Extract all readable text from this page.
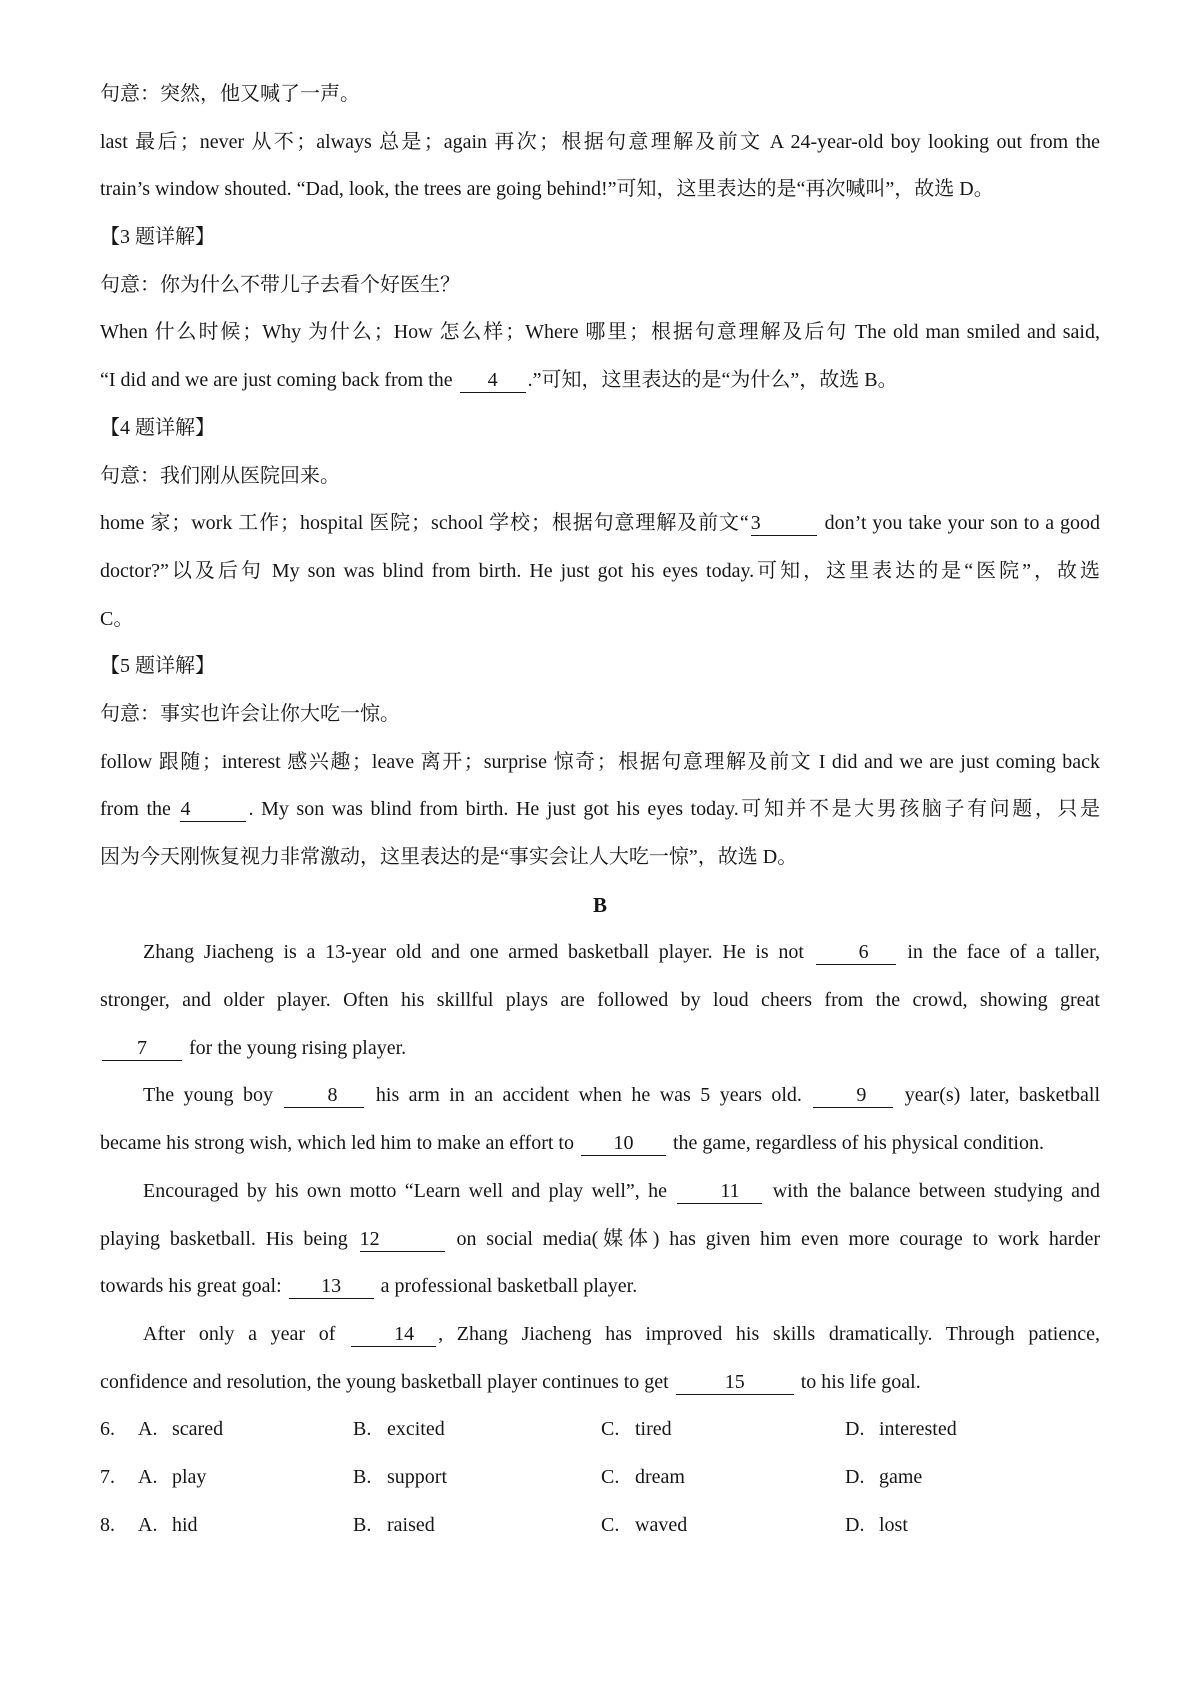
句意：突然，他又喊了一声。
last 最后；never 从不；always 总是；again 再次；根据句意理解及前文 A 24-year-old boy looking out from the
train’s window shouted. “Dad, look, the trees are going behind!”可知，这里表达的是“再次喊叫”，故选 D。
【3 题详解】
句意：你为什么不带儿子去看个好医生？
When 什么时候；Why 为什么；How 怎么样；Where 哪里；根据句意理解及后句 The old man smiled and said,
“I did and we are just coming back from the 4 .”可知，这里表达的是“为什么”，故选 B。
【4 题详解】
句意：我们刚从医院回来。
home 家；work 工作；hospital 医院；school 学校；根据句意理解及前文“ 3	don’t you take your son to a good
doctor?”以及后句 My son was blind from birth. He just got his eyes today.可知，这里表达的是“医院”，故选
C。
【5 题详解】
句意：事实也许会让你大吃一惊。
follow 跟随；interest 感兴趣；leave 离开；surprise 惊奇；根据句意理解及前文 I did and we are just coming back
from the 4	. My son was blind from birth. He just got his eyes today.可知并不是大男孩脑子有问题，只是
因为今天刚恢复视力非常激动，这里表达的是“事实会让人大吃一惊”，故选 D。
B
Zhang Jiacheng is a 13-year old and one armed basketball player. He is not 6 in the face of a taller,
stronger, and older player. Often his skillful plays are followed by loud cheers from the crowd, showing great
7 for the young rising player.
The young boy 8 his arm in an accident when he was 5 years old. 9 year(s) later, basketball
became his strong wish, which led him to make an effort to 10 the game, regardless of his physical condition.
Encouraged by his own motto “Learn well and play well”, he 11 with the balance between studying and
playing basketball. His being 12	on social media(媒体) has given him even more courage to work harder
towards his great goal: 13 a professional basketball player.
After only a year of 14 , Zhang Jiacheng has improved his skills dramatically. Through patience,
confidence and resolution, the young basketball player continues to get	15	to his life goal.
6.	A. scared	B. excited	C. tired	D. interested
7.	A. play	B. support	C. dream	D. game
8.	A. hid	B. raised	C. waved	D. lost
